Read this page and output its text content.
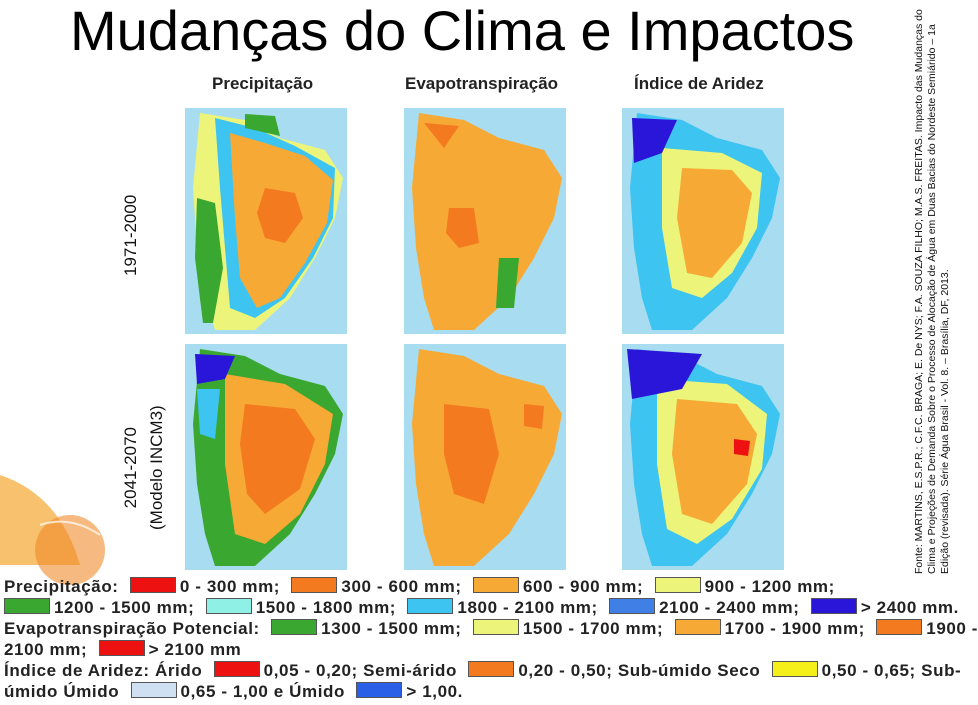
Mudanças do Clima e Impactos
Precipitação	Evapotranspiração	Índice de Aridez
1971-2000
2041-2070 (Modelo INCM3)	Fonte: MARTINS, E.S.P.R.; C.F.C. BRAGA; E. De NYS; F.A. SOUZA FILHO; M.A.S. FREITAS. Impacto das Mudanças do Clima e Projeções de Demanda Sobre o Processo de Alocação de Água em Duas Bacias do Nordeste Semiárido – 1a Edição (revisada). Série Água Brasil - Vol. 8. – Brasília, DF, 2013.
Precipitação:	0 - 300 mm;	300 - 600 mm;	600 - 900 mm;	900 - 1200 mm;
1200 - 1500 mm;	1500 - 1800 mm;	1800 - 2100 mm;	2100 - 2400 mm;	> 2400 mm.
Evapotranspiração Potencial:	1300 - 1500 mm;	1500 - 1700 mm;	1700 - 1900 mm;	1900 -
2100 mm;	> 2100 mm
Índice de Aridez: Árido	0,05 - 0,20; Semi-árido	0,20 - 0,50; Sub-úmido Seco	0,50 - 0,65; Sub-
úmido Úmido	0,65 - 1,00 e Úmido	> 1,00.
